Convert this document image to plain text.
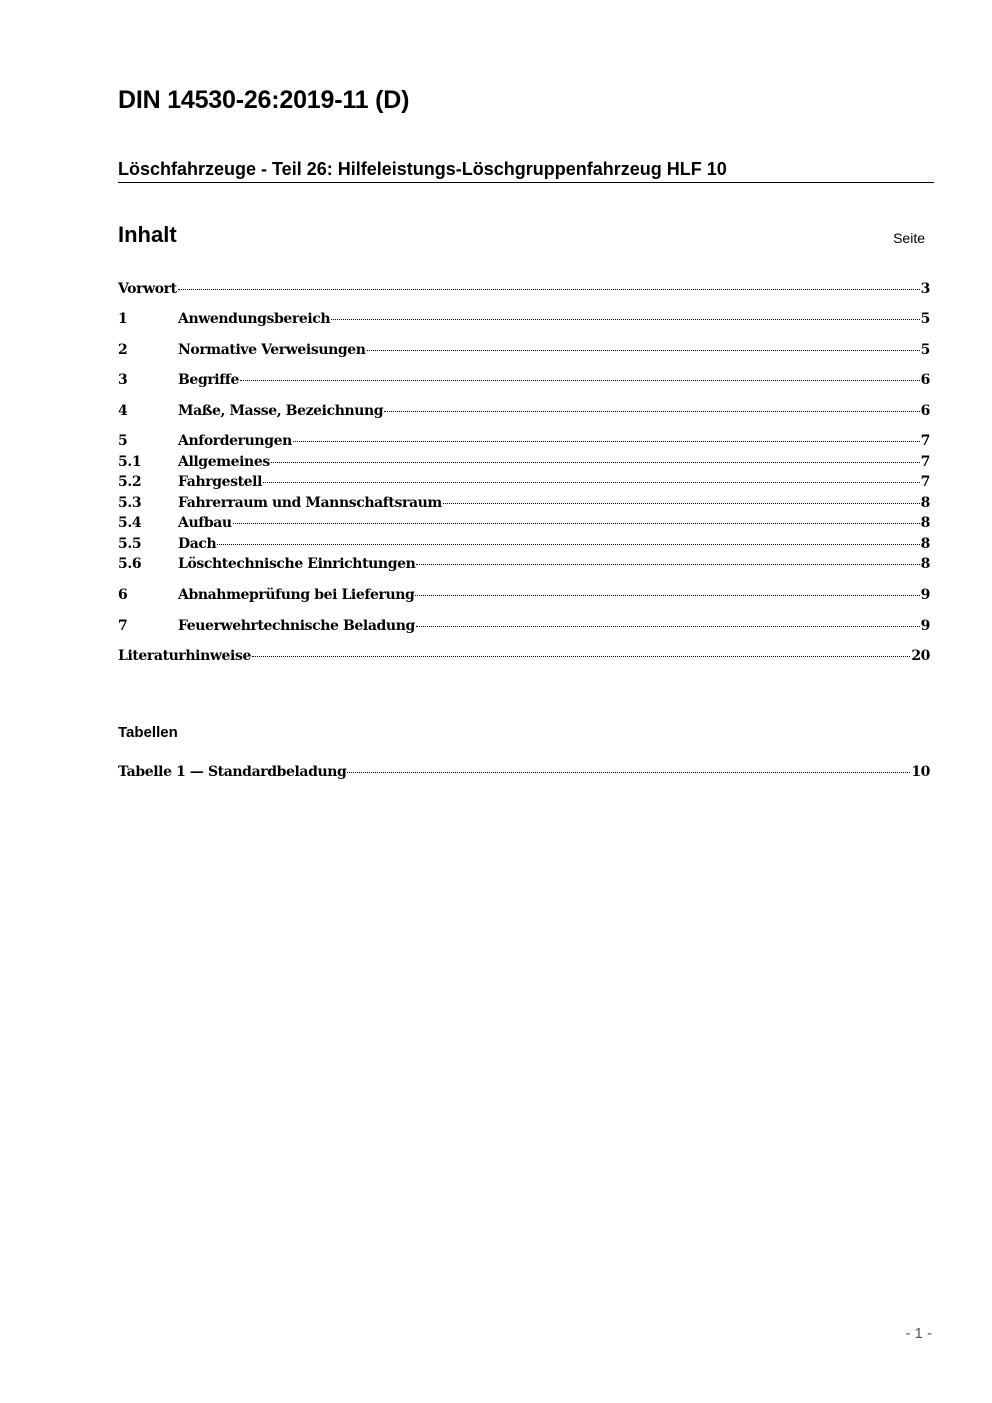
DIN 14530-26:2019-11 (D)
Löschfahrzeuge - Teil 26: Hilfeleistungs-Löschgruppenfahrzeug HLF 10
Inhalt	Seite
Vorwort	3
1	Anwendungsbereich	5
2	Normative Verweisungen	5
3	Begriffe	6
4	Maße, Masse, Bezeichnung	6
5	Anforderungen	7
5.1	Allgemeines	7
5.2	Fahrgestell	7
5.3	Fahrerraum und Mannschaftsraum	8
5.4	Aufbau	8
5.5	Dach	8
5.6	Löschtechnische Einrichtungen	8
6	Abnahmeprüfung bei Lieferung	9
7	Feuerwehrtechnische Beladung	9
Literaturhinweise	20
Tabellen
Tabelle 1 — Standardbeladung	10
- 1 -
